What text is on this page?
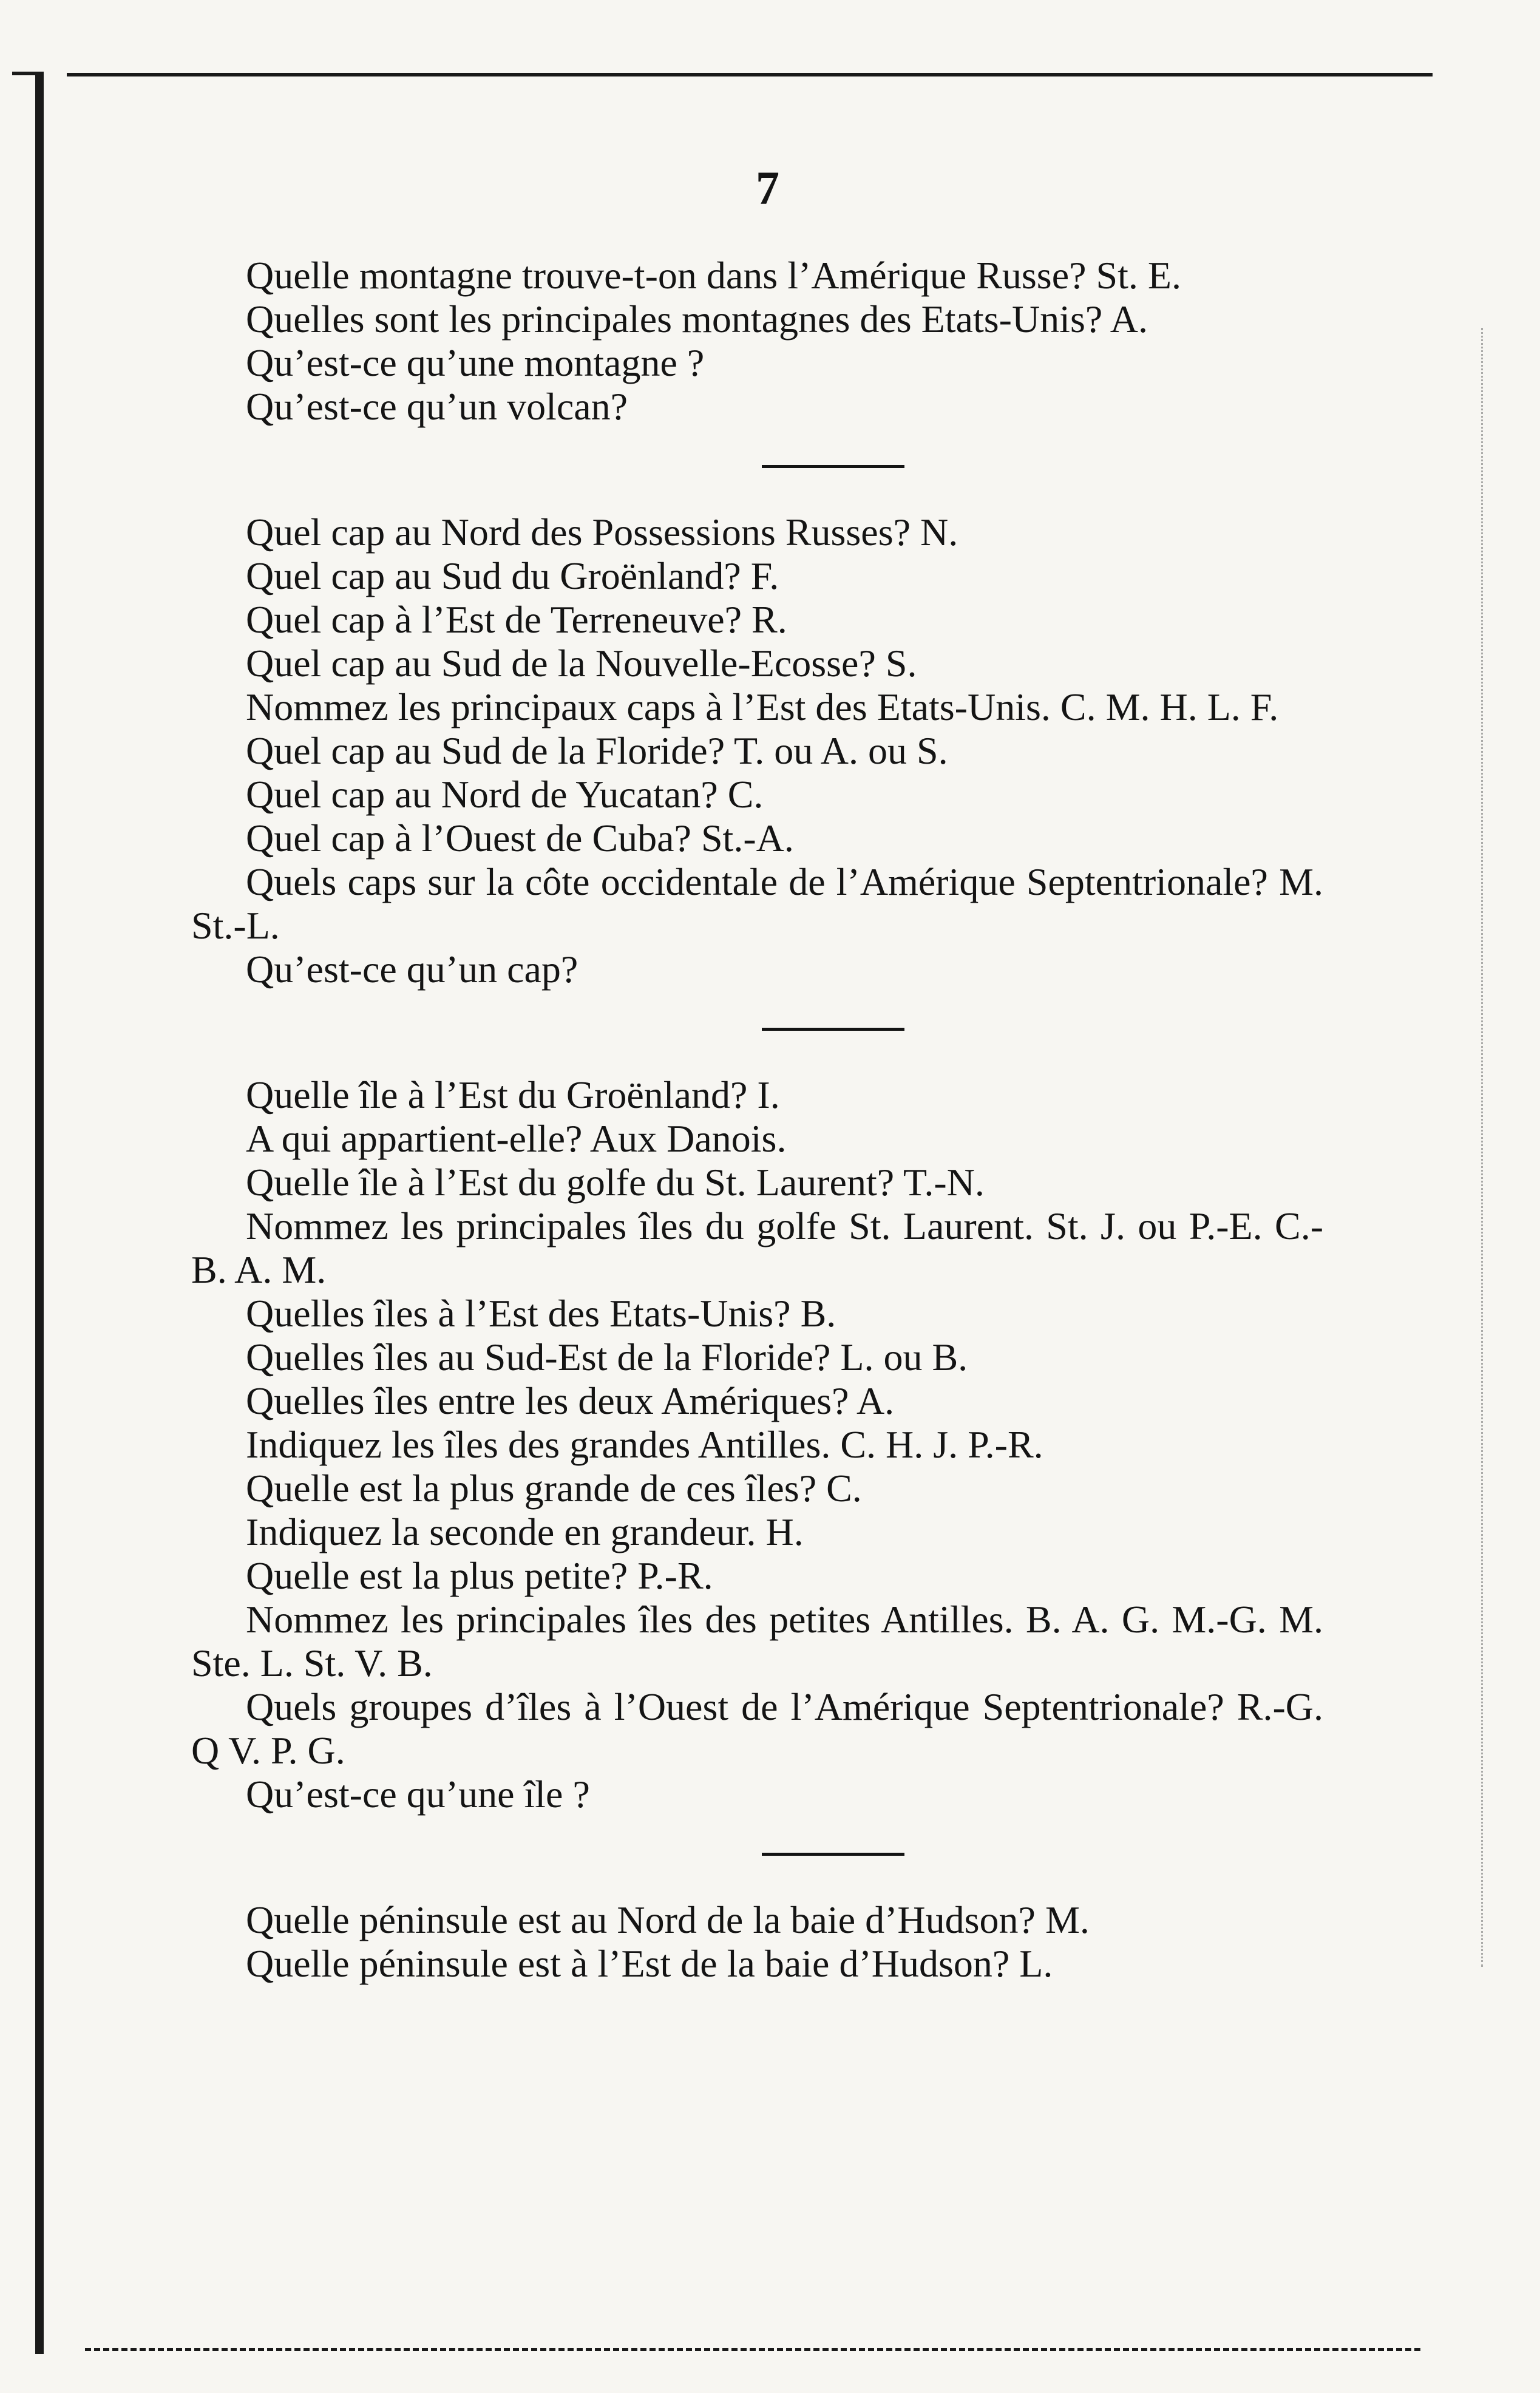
7

Quelle montagne trouve-t-on dans l’Amérique Russe? St. E.

Quelles sont les principales montagnes des Etats-Unis? A.

Qu’est-ce qu’une montagne ?

Qu’est-ce qu’un volcan?

Quel cap au Nord des Possessions Russes? N.

Quel cap au Sud du Groënland? F.

Quel cap à l’Est de Terreneuve? R.

Quel cap au Sud de la Nouvelle-Ecosse? S.

Nommez les principaux caps à l’Est des Etats-Unis. C. M. H. L. F.

Quel cap au Sud de la Floride? T. ou A. ou S.

Quel cap au Nord de Yucatan? C.

Quel cap à l’Ouest de Cuba? St.-A.

Quels caps sur la côte occidentale de l’Amérique Septentrionale? M. St.-L.

Qu’est-ce qu’un cap?

Quelle île à l’Est du Groënland? I.

A qui appartient-elle? Aux Danois.

Quelle île à l’Est du golfe du St. Laurent? T.-N.

Nommez les principales îles du golfe St. Laurent. St. J. ou P.-E. C.-B. A. M.

Quelles îles à l’Est des Etats-Unis? B.

Quelles îles au Sud-Est de la Floride? L. ou B.

Quelles îles entre les deux Amériques? A.

Indiquez les îles des grandes Antilles. C. H. J. P.-R.

Quelle est la plus grande de ces îles? C.

Indiquez la seconde en grandeur. H.

Quelle est la plus petite? P.-R.

Nommez les principales îles des petites Antilles. B. A. G. M.-G. M. Ste. L. St. V. B.

Quels groupes d’îles à l’Ouest de l’Amérique Septentrionale? R.-G. Q V. P. G.

Qu’est-ce qu’une île ?

Quelle péninsule est au Nord de la baie d’Hudson? M.

Quelle péninsule est à l’Est de la baie d’Hudson? L.
